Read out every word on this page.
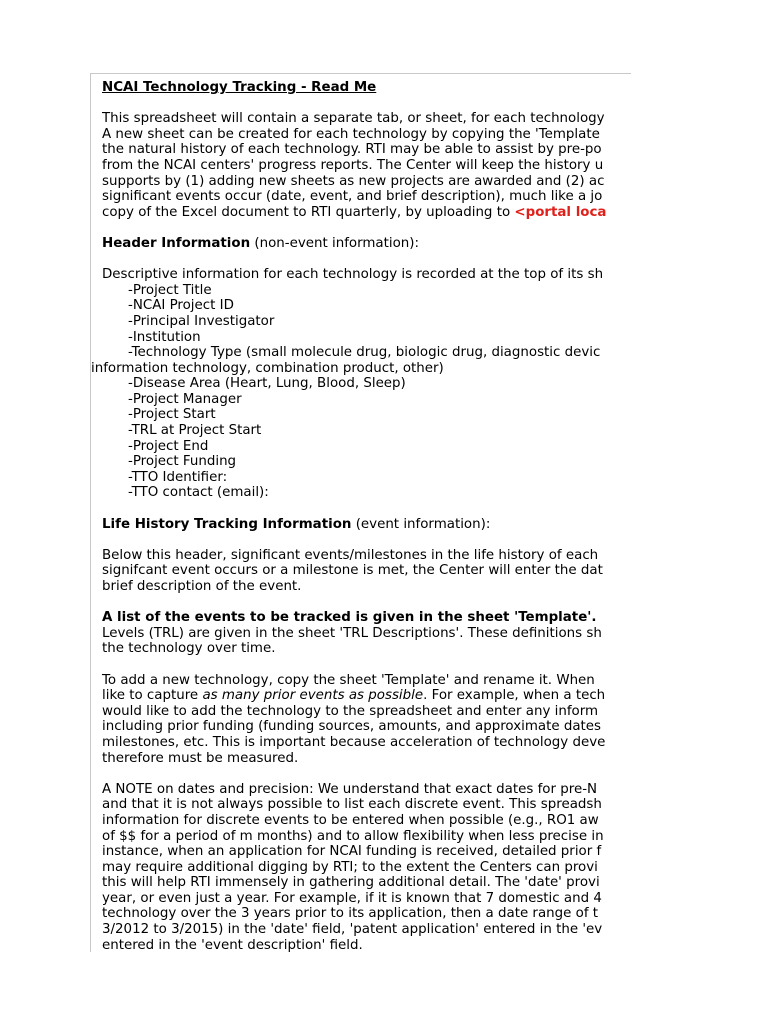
NCAI Technology Tracking - Read Me
This spreadsheet will contain a separate tab, or sheet, for each technology
A new sheet can be created for each technology by copying the 'Template
the natural history of each technology. RTI may be able to assist by pre-po
from the NCAI centers' progress reports. The Center will keep the history u
supports by (1) adding new sheets as new projects are awarded and (2) ac
significant events occur (date, event, and brief description), much like a jo
copy of the Excel document to RTI quarterly, by uploading to <portal loca
Header Information (non-event information):
Descriptive information for each technology is recorded at the top of its sh
-Project Title
-NCAI Project ID
-Principal Investigator
-Institution
-Technology Type (small molecule drug, biologic drug, diagnostic devic
information technology, combination product, other)
-Disease Area (Heart, Lung, Blood, Sleep)
-Project Manager
-Project Start
-TRL at Project Start
-Project End
-Project Funding
-TTO Identifier:
-TTO contact (email):
Life History Tracking Information (event information):
Below this header, significant events/milestones in the life history of each
signifcant event occurs or a milestone is met, the Center will enter the dat
brief description of the event.
A list of the events to be tracked is given in the sheet 'Template'.
Levels (TRL) are given in the sheet 'TRL Descriptions'. These definitions sh
the technology over time.
To add a new technology, copy the sheet 'Template' and rename it. When
like to capture as many prior events as possible. For example, when a tech
would like to add the technology to the spreadsheet and enter any inform
including prior funding (funding sources, amounts, and approximate dates
milestones, etc. This is important because acceleration of technology deve
therefore must be measured.
A NOTE on dates and precision: We understand that exact dates for pre-N
and that it is not always possible to list each discrete event. This spreadsh
information for discrete events to be entered when possible (e.g., RO1 aw
of $$ for a period of m months) and to allow flexibility when less precise in
instance, when an application for NCAI funding is received, detailed prior f
may require additional digging by RTI; to the extent the Centers can provi
this will help RTI immensely in gathering additional detail. The 'date' provi
year, or even just a year. For example, if it is known that 7 domestic and 4
technology over the 3 years prior to its application, then a date range of t
3/2012 to 3/2015) in the 'date' field, 'patent application' entered in the 'ev
entered in the 'event description' field.
